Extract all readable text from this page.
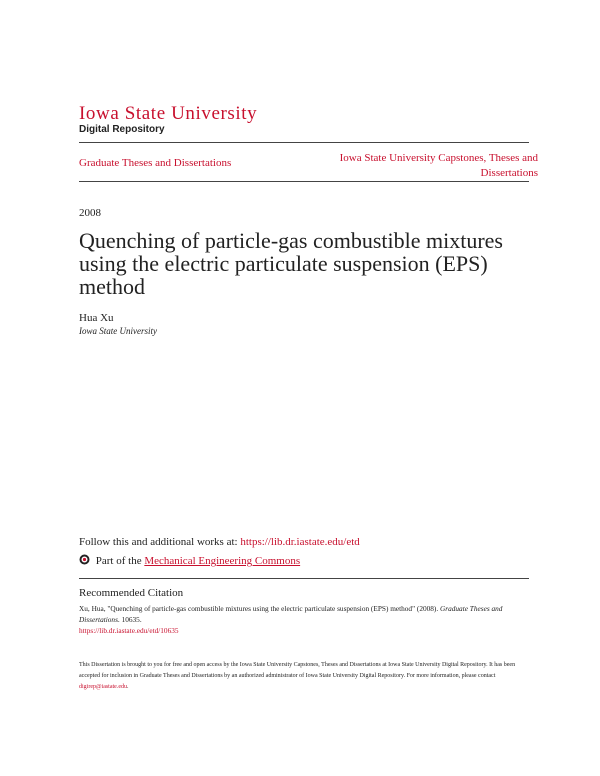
Iowa State University
Digital Repository
Graduate Theses and Dissertations	Iowa State University Capstones, Theses and Dissertations
2008
Quenching of particle-gas combustible mixtures using the electric particulate suspension (EPS) method
Hua Xu
Iowa State University
Follow this and additional works at: https://lib.dr.iastate.edu/etd
Part of the Mechanical Engineering Commons
Recommended Citation
Xu, Hua, "Quenching of particle-gas combustible mixtures using the electric particulate suspension (EPS) method" (2008). Graduate Theses and Dissertations. 10635.
https://lib.dr.iastate.edu/etd/10635
This Dissertation is brought to you for free and open access by the Iowa State University Capstones, Theses and Dissertations at Iowa State University Digital Repository. It has been accepted for inclusion in Graduate Theses and Dissertations by an authorized administrator of Iowa State University Digital Repository. For more information, please contact digirep@iastate.edu.
